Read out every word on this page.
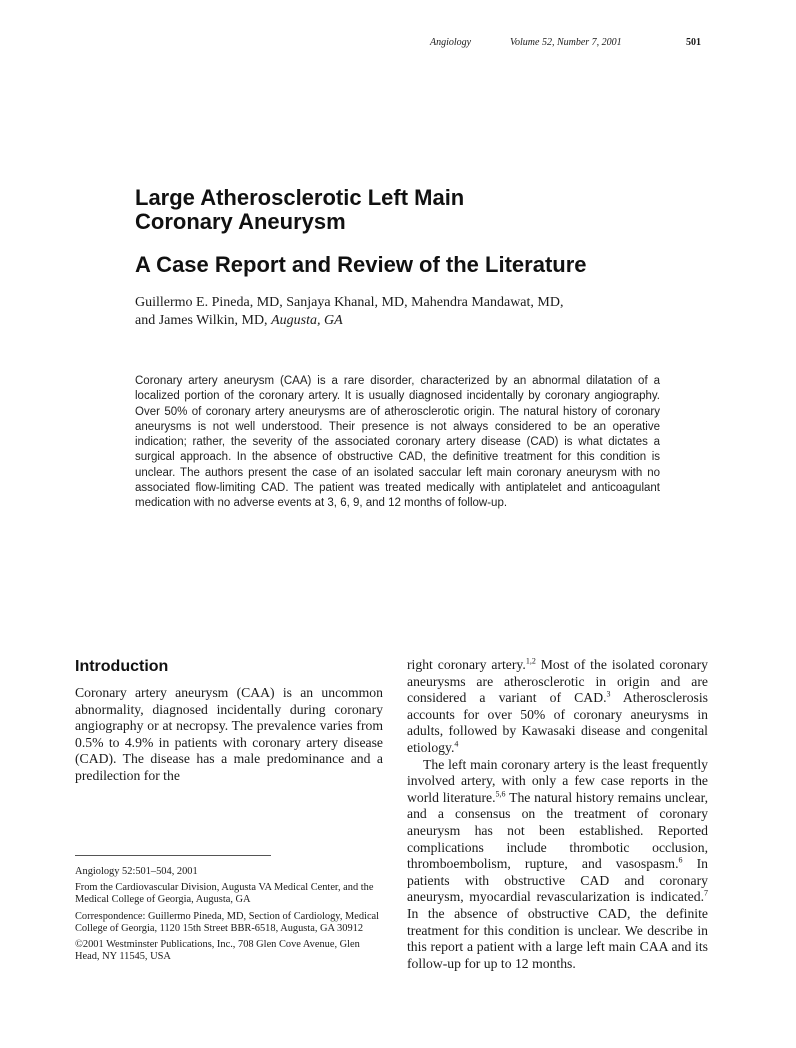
Angiology	Volume 52, Number 7, 2001	501
Large Atherosclerotic Left Main
Coronary Aneurysm
A Case Report and Review of the Literature
Guillermo E. Pineda, MD, Sanjaya Khanal, MD, Mahendra Mandawat, MD,
and James Wilkin, MD, Augusta, GA
Coronary artery aneurysm (CAA) is a rare disorder, characterized by an abnormal dilatation of a localized portion of the coronary artery. It is usually diagnosed incidentally by coronary angiography. Over 50% of coronary artery aneurysms are of atherosclerotic origin. The natural history of coronary aneurysms is not well understood. Their presence is not always considered to be an operative indication; rather, the severity of the associated coronary artery disease (CAD) is what dictates a surgical approach. In the absence of obstructive CAD, the definitive treatment for this condition is unclear. The authors present the case of an isolated saccular left main coronary aneurysm with no associated flow-limiting CAD. The patient was treated medically with antiplatelet and anticoagulant medication with no adverse events at 3, 6, 9, and 12 months of follow-up.
Introduction
Coronary artery aneurysm (CAA) is an uncommon abnormality, diagnosed incidentally during coronary angiography or at necropsy. The prevalence varies from 0.5% to 4.9% in patients with coronary artery disease (CAD). The disease has a male predominance and a predilection for the

Angiology 52:501–504, 2001

From the Cardiovascular Division, Augusta VA Medical Center, and the Medical College of Georgia, Augusta, GA

Correspondence: Guillermo Pineda, MD, Section of Cardiology, Medical College of Georgia, 1120 15th Street BBR-6518, Augusta, GA 30912

©2001 Westminster Publications, Inc., 708 Glen Cove Avenue, Glen Head, NY 11545, USA

right coronary artery.$^{1,2}$ Most of the isolated coronary aneurysms are atherosclerotic in origin and are considered a variant of CAD.$^3$ Atherosclerosis accounts for over 50% of coronary aneurysms in adults, followed by Kawasaki disease and congenital etiology.$^4$

The left main coronary artery is the least frequently involved artery, with only a few case reports in the world literature.$^{5,6}$ The natural history remains unclear, and a consensus on the treatment of coronary aneurysm has not been established. Reported complications include thrombotic occlusion, thromboembolism, rupture, and vasospasm.$^6$ In patients with obstructive CAD and coronary aneurysm, myocardial revascularization is indicated.$^7$ In the absence of obstructive CAD, the definite treatment for this condition is unclear. We describe in this report a patient with a large left main CAA and its follow-up for up to 12 months.
